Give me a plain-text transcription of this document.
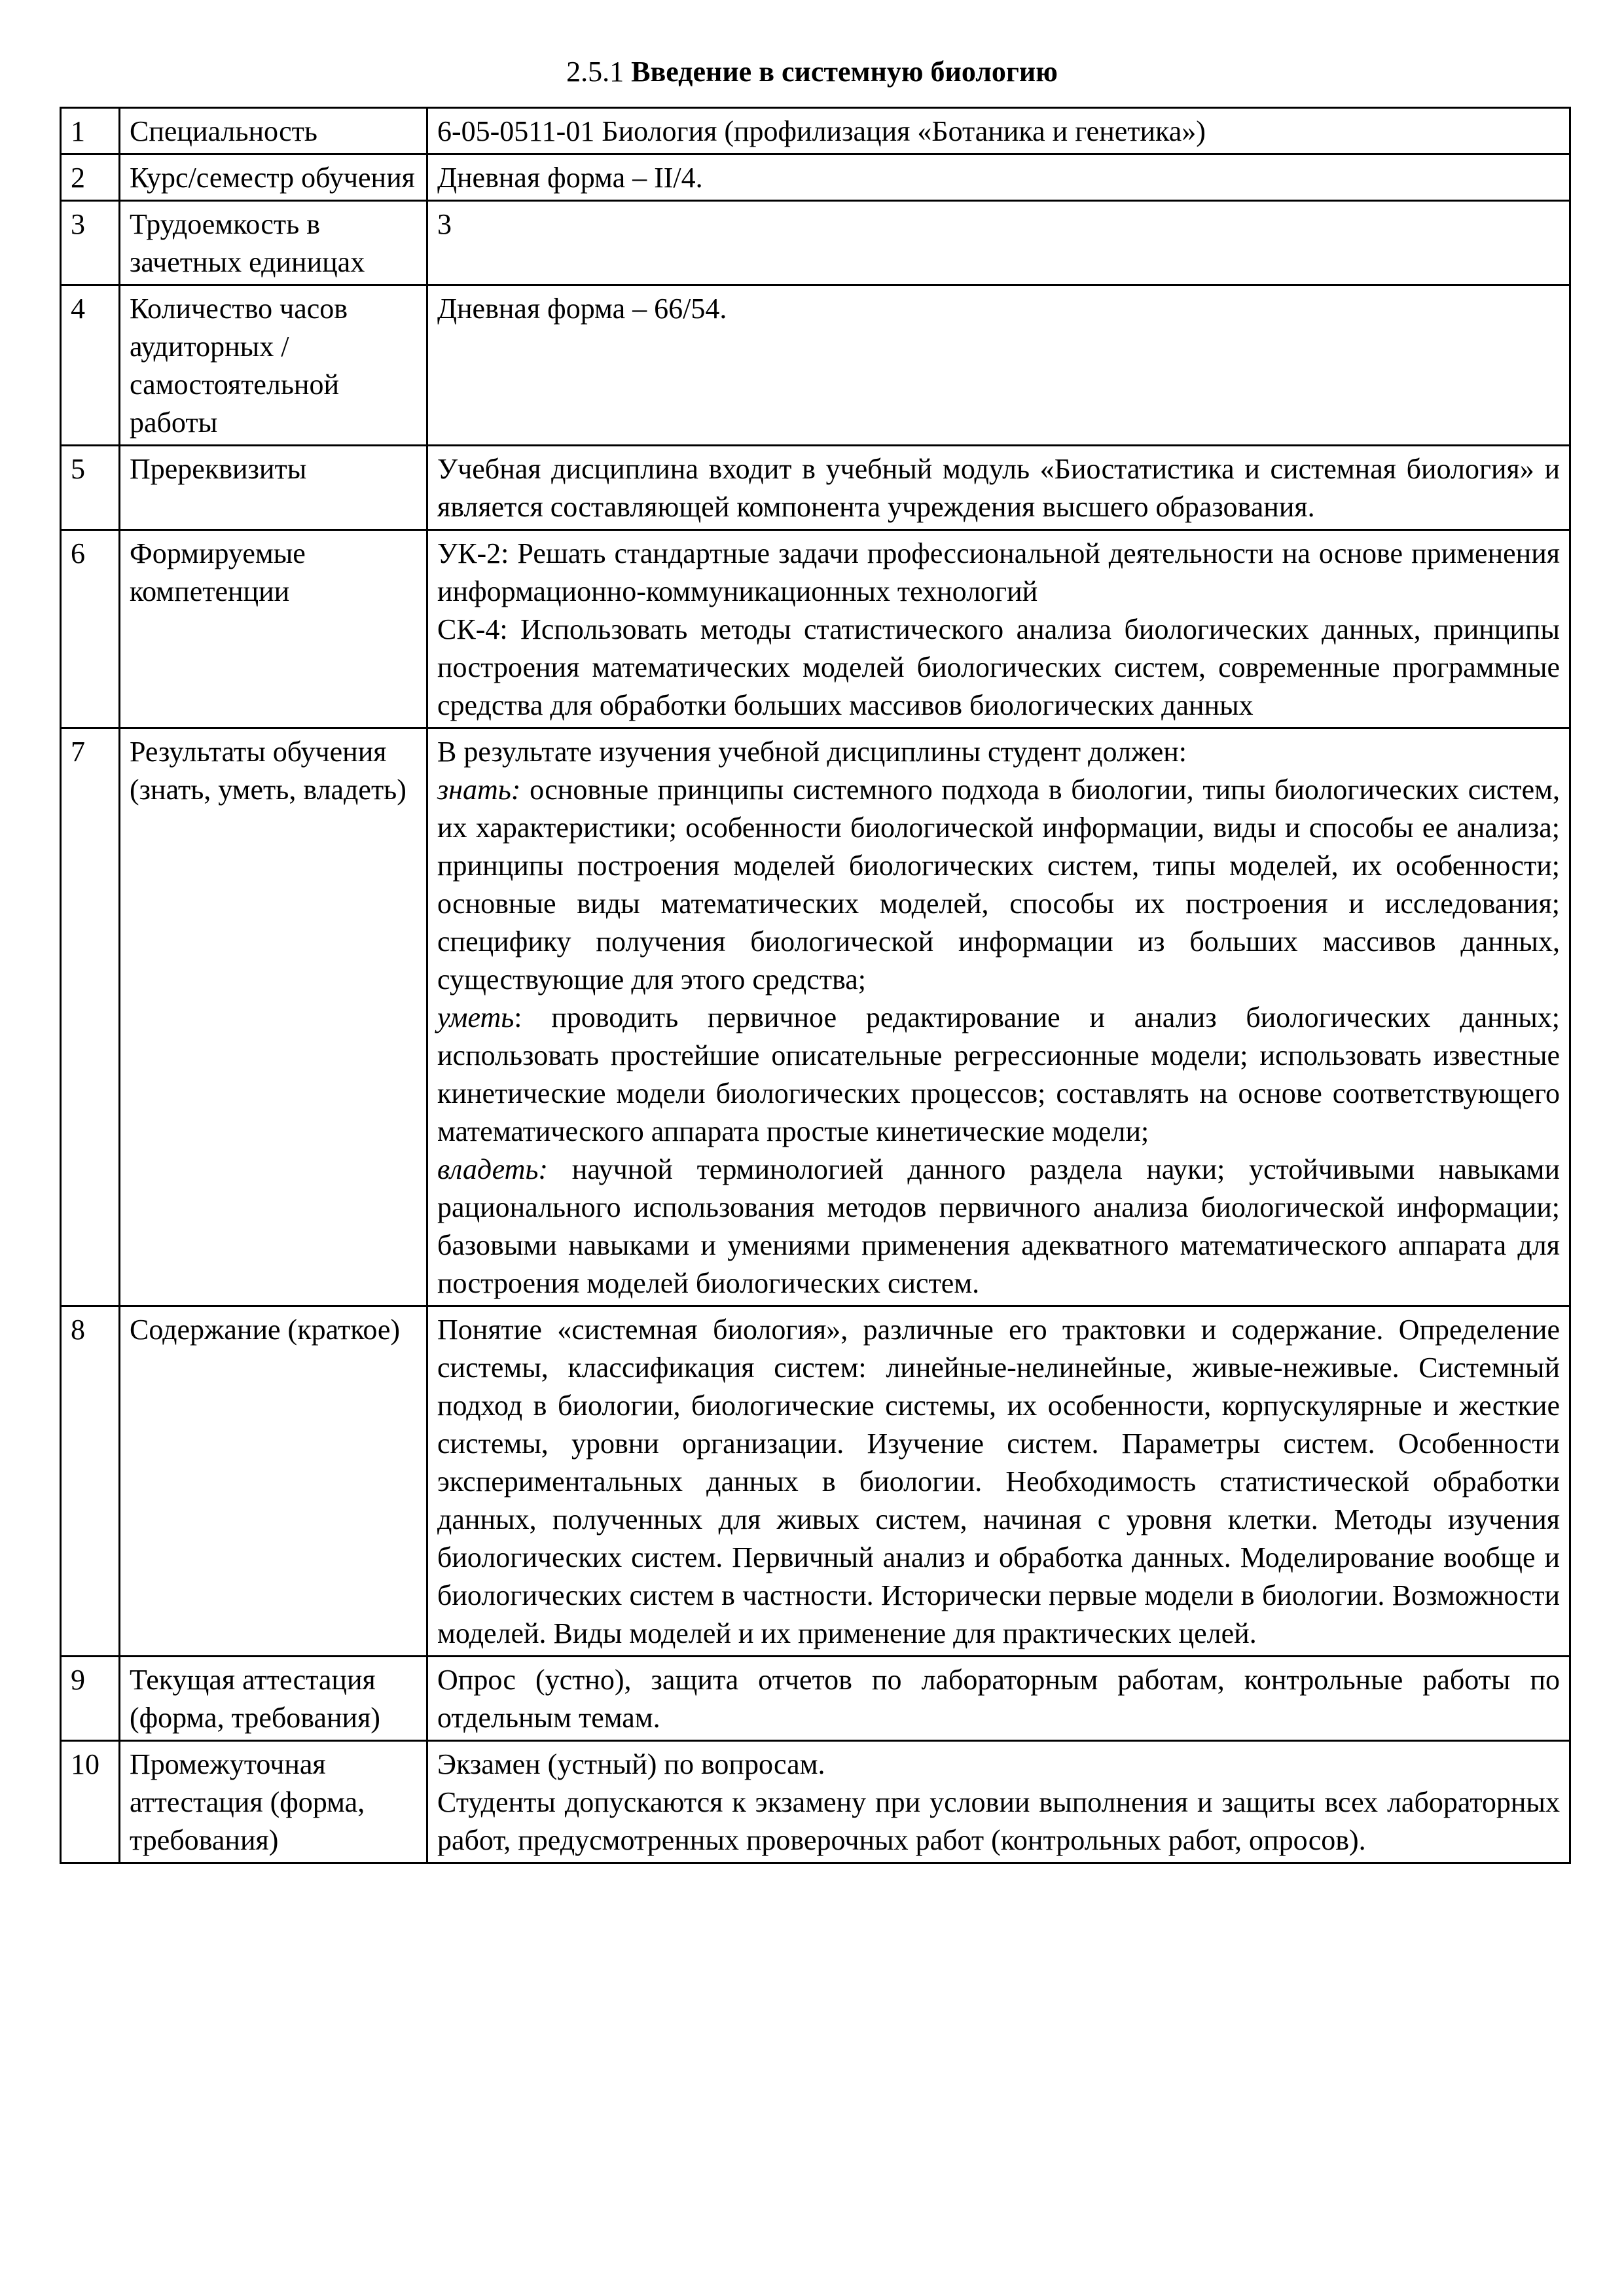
2.5.1 Введение в системную биологию
1	Специальность	6-05-0511-01 Биология (профилизация «Ботаника и генетика»)

2	Курс/семестр обучения	Дневная форма – II/4.

3	Трудоемкость в зачетных единицах	3

4	Количество часов аудиторных / самостоятельной работы	Дневная форма – 66/54.

5	Пререквизиты	Учебная дисциплина входит в учебный модуль «Биостатистика и системная биология» и является составляющей компонента учреждения высшего образования.

6	Формируемые компетенции	УК-2: Решать стандартные задачи профессиональной деятельности на основе применения информационно-коммуникационных технологий
СК-4: Использовать методы статистического анализа биологических данных, принципы построения математических моделей биологических систем, современные программные средства для обработки больших массивов биологических данных

7	Результаты обучения (знать, уметь, владеть)	В результате изучения учебной дисциплины студент должен:
знать: основные принципы системного подхода в биологии, типы биологических систем, их характеристики; особенности биологической информации, виды и способы ее анализа; принципы построения моделей биологических систем, типы моделей, их особенности; основные виды математических моделей, способы их построения и исследования; специфику получения биологической информации из больших массивов данных, существующие для этого средства;
уметь: проводить первичное редактирование и анализ биологических данных; использовать простейшие описательные регрессионные модели; использовать известные кинетические модели биологических процессов; составлять на основе соответствующего математического аппарата простые кинетические модели;
владеть: научной терминологией данного раздела науки; устойчивыми навыками рационального использования методов первичного анализа биологической информации; базовыми навыками и умениями применения адекватного математического аппарата для построения моделей биологических систем.

8	Содержание (краткое)	Понятие «системная биология», различные его трактовки и содержание. Определение системы, классификация систем: линейные-нелинейные, живые-неживые. Системный подход в биологии, биологические системы, их особенности, корпускулярные и жесткие системы, уровни организации. Изучение систем. Параметры систем. Особенности экспериментальных данных в биологии. Необходимость статистической обработки данных, полученных для живых систем, начиная с уровня клетки. Методы изучения биологических систем. Первичный анализ и обработка данных. Моделирование вообще и биологических систем в частности. Исторически первые модели в биологии. Возможности моделей. Виды моделей и их применение для практических целей.

9	Текущая аттестация (форма, требования)	Опрос (устно), защита отчетов по лабораторным работам, контрольные работы по отдельным темам.

10	Промежуточная аттестация (форма, требования)	Экзамен (устный) по вопросам.
Студенты допускаются к экзамену при условии выполнения и защиты всех лабораторных работ, предусмотренных проверочных работ (контрольных работ, опросов).
